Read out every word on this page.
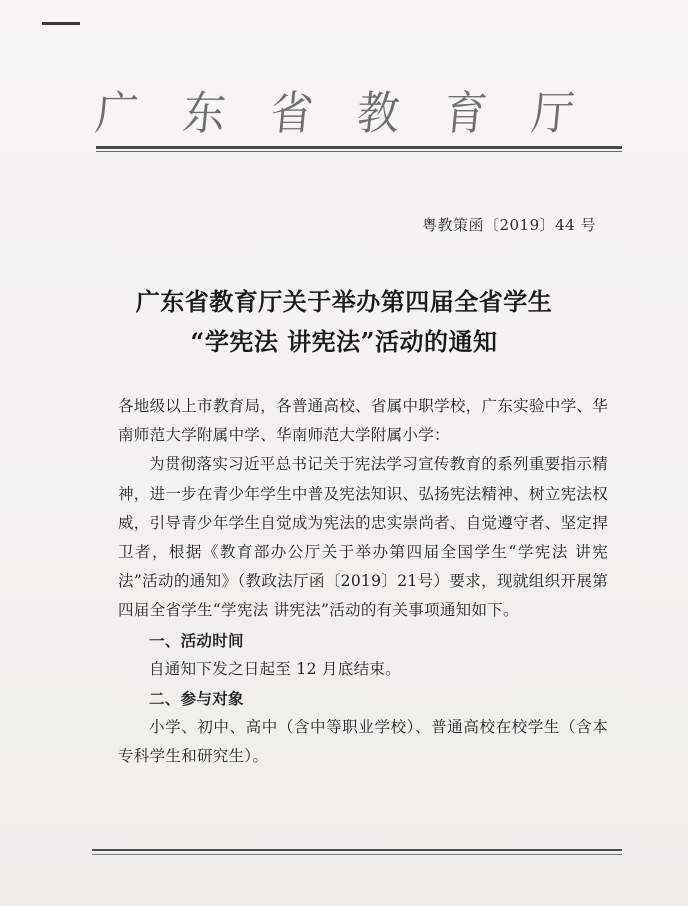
广 东 省 教 育 厅
粤教策函〔2019〕44 号
广东省教育厅关于举办第四届全省学生
“学宪法 讲宪法”活动的通知

各地级以上市教育局，各普通高校、省属中职学校，广东实验中学、华南师范大学附属中学、华南师范大学附属小学：

为贯彻落实习近平总书记关于宪法学习宣传教育的系列重要指示精神，进一步在青少年学生中普及宪法知识、弘扬宪法精神、树立宪法权威，引导青少年学生自觉成为宪法的忠实崇尚者、自觉遵守者、坚定捍卫者，根据《教育部办公厅关于举办第四届全国学生“学宪法 讲宪法”活动的通知》（教政法厅函〔2019〕21号）要求，现就组织开展第四届全省学生“学宪法 讲宪法”活动的有关事项通知如下。

一、活动时间

自通知下发之日起至 12 月底结束。

二、参与对象

小学、初中、高中（含中等职业学校）、普通高校在校学生（含本专科学生和研究生）。
